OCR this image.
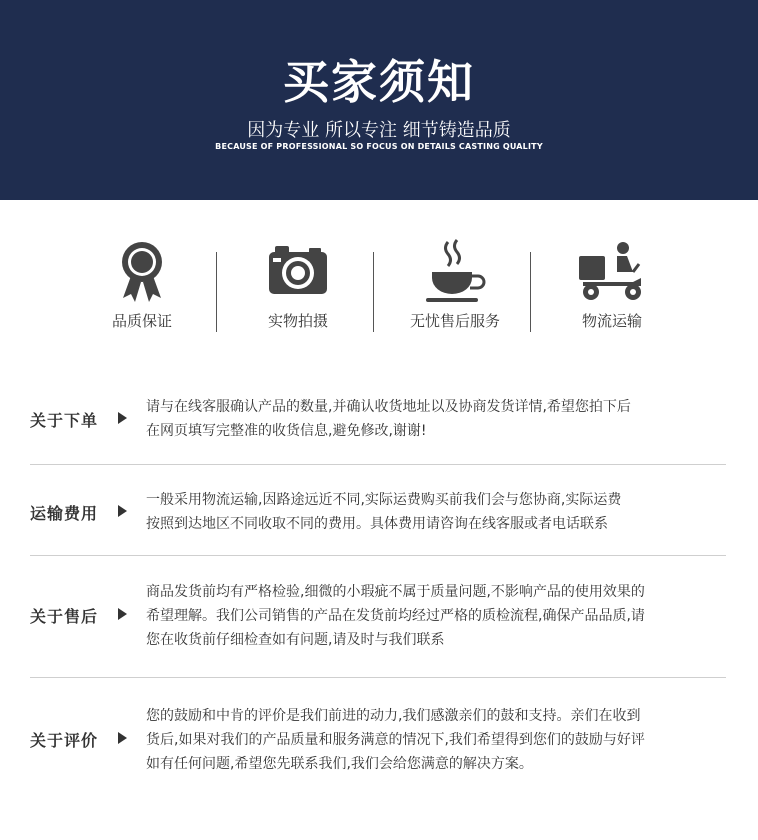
买家须知
因为专业 所以专注 细节铸造品质
BECAUSE OF PROFESSIONAL SO FOCUS ON DETAILS CASTING QUALITY
品质保证	实物拍摄	无忧售后服务	物流运输
关于下单
请与在线客服确认产品的数量,并确认收货地址以及协商发货详情,希望您拍下后
在网页填写完整准的收货信息,避免修改,谢谢!
运输费用
一般采用物流运输,因路途远近不同,实际运费购买前我们会与您协商,实际运费
按照到达地区不同收取不同的费用。具体费用请咨询在线客服或者电话联系
关于售后
商品发货前均有严格检验,细微的小瑕疵不属于质量问题,不影响产品的使用效果的
希望理解。我们公司销售的产品在发货前均经过严格的质检流程,确保产品品质,请
您在收货前仔细检查如有问题,请及时与我们联系
关于评价
您的鼓励和中肯的评价是我们前进的动力,我们感激亲们的鼓和支持。亲们在收到
货后,如果对我们的产品质量和服务满意的情况下,我们希望得到您们的鼓励与好评
如有任何问题,希望您先联系我们,我们会给您满意的解决方案。
